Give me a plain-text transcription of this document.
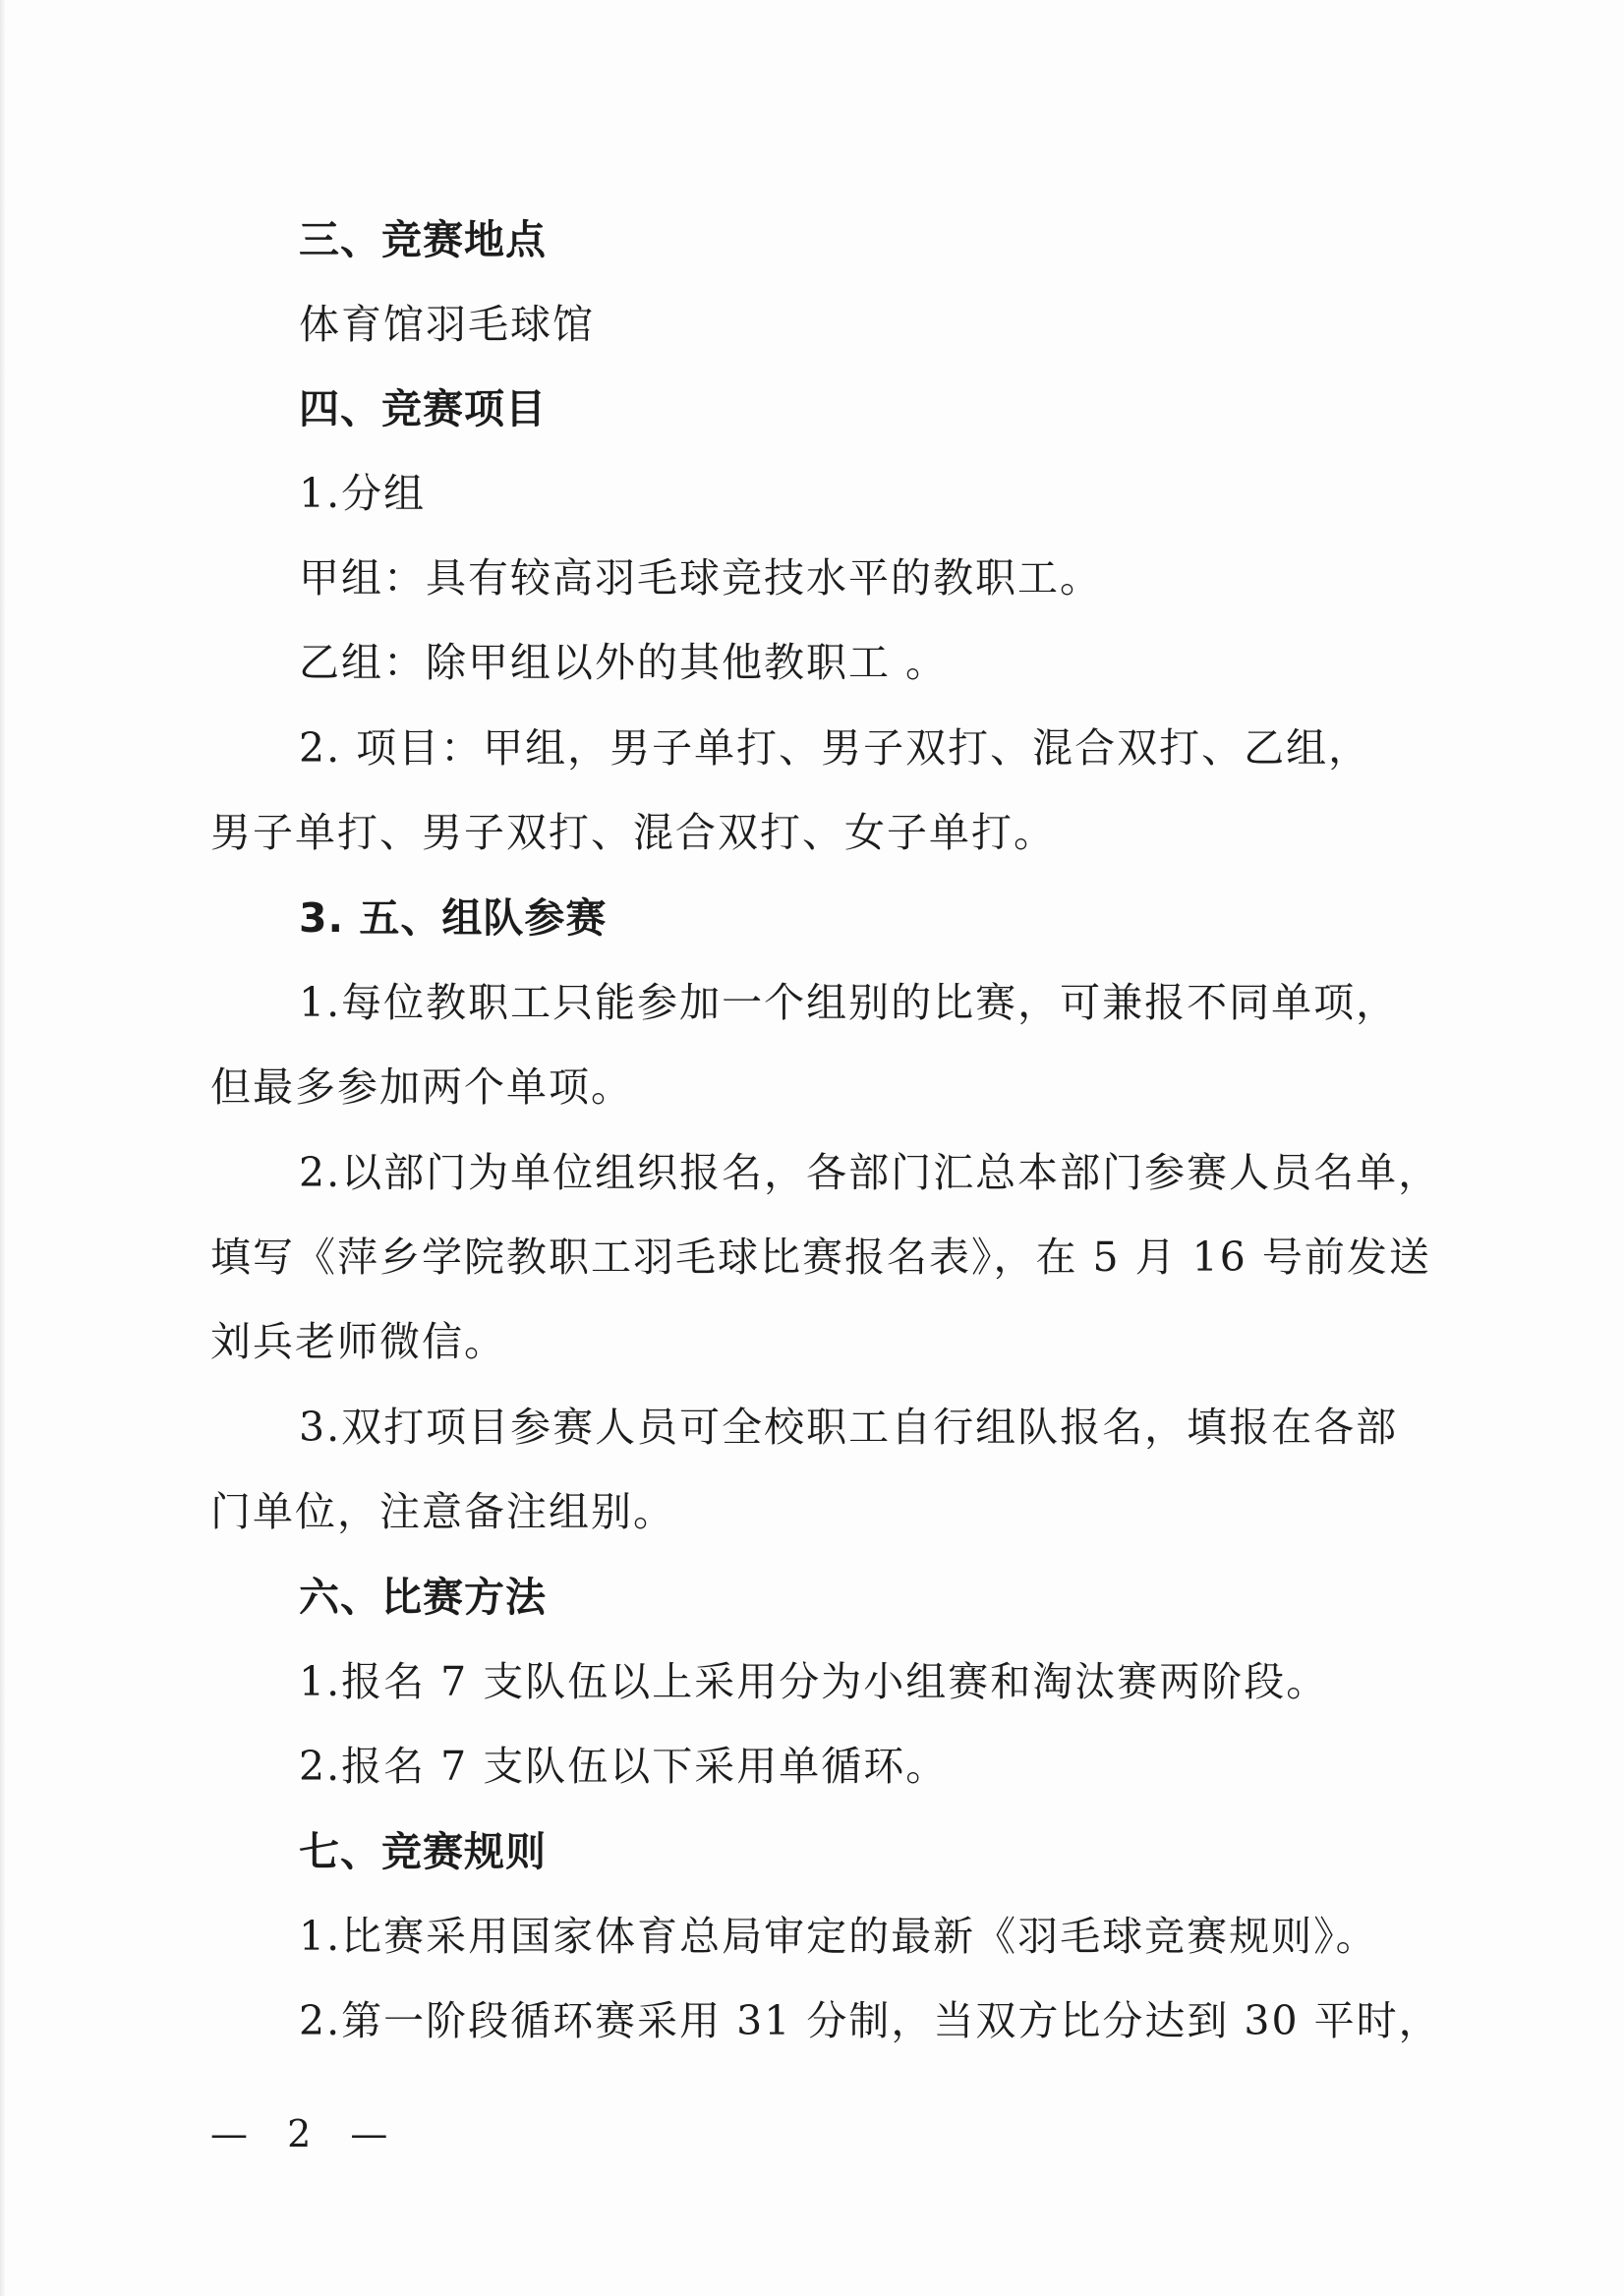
三、竞赛地点
体育馆羽毛球馆
四、竞赛项目
1.分组
甲组：具有较高羽毛球竞技水平的教职工。
乙组：除甲组以外的其他教职工 。
2. 项目：甲组，男子单打、男子双打、混合双打、乙组，
男子单打、男子双打、混合双打、女子单打。
3. 五、组队参赛
1.每位教职工只能参加一个组别的比赛，可兼报不同单项，
但最多参加两个单项。
2.以部门为单位组织报名，各部门汇总本部门参赛人员名单，
填写《萍乡学院教职工羽毛球比赛报名表》，在 5 月 16 号前发送
刘兵老师微信。
3.双打项目参赛人员可全校职工自行组队报名，填报在各部
门单位，注意备注组别。
六、比赛方法
1.报名 7 支队伍以上采用分为小组赛和淘汰赛两阶段。
2.报名 7 支队伍以下采用单循环。
七、竞赛规则
1.比赛采用国家体育总局审定的最新《羽毛球竞赛规则》。
2.第一阶段循环赛采用 31 分制，当双方比分达到 30 平时，
— 2 —
